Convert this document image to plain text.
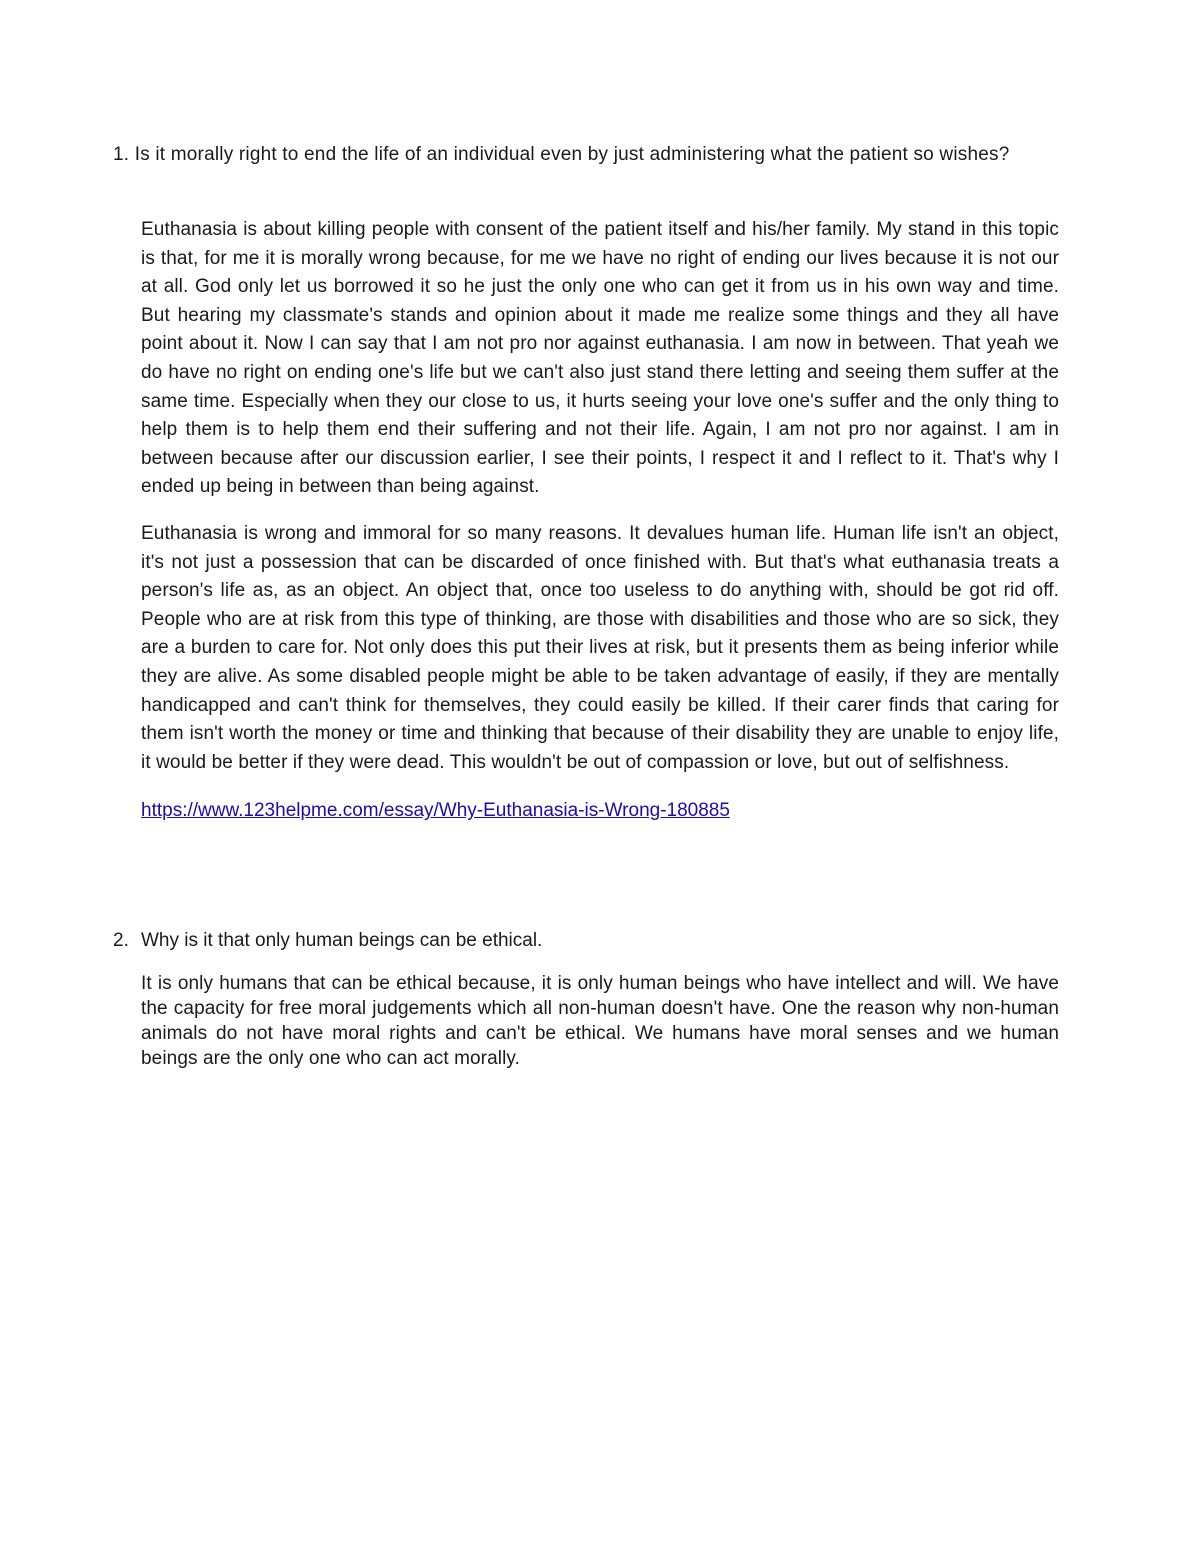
1. Is it morally right to end the life of an individual even by just administering what the patient so wishes?

Euthanasia is about killing people with consent of the patient itself and his/her family. My stand in this topic is that, for me it is morally wrong because, for me we have no right of ending our lives because it is not our at all. God only let us borrowed it so he just the only one who can get it from us in his own way and time. But hearing my classmate's stands and opinion about it made me realize some things and they all have point about it. Now I can say that I am not pro nor against euthanasia. I am now in between. That yeah we do have no right on ending one's life but we can't also just stand there letting and seeing them suffer at the same time. Especially when they our close to us, it hurts seeing your love one's suffer and the only thing to help them is to help them end their suffering and not their life. Again, I am not pro nor against. I am in between because after our discussion earlier, I see their points, I respect it and I reflect to it. That's why I ended up being in between than being against.

Euthanasia is wrong and immoral for so many reasons. It devalues human life. Human life isn't an object, it's not just a possession that can be discarded of once finished with. But that's what euthanasia treats a person's life as, as an object. An object that, once too useless to do anything with, should be got rid off. People who are at risk from this type of thinking, are those with disabilities and those who are so sick, they are a burden to care for. Not only does this put their lives at risk, but it presents them as being inferior while they are alive. As some disabled people might be able to be taken advantage of easily, if they are mentally handicapped and can't think for themselves, they could easily be killed. If their carer finds that caring for them isn't worth the money or time and thinking that because of their disability they are unable to enjoy life, it would be better if they were dead. This wouldn't be out of compassion or love, but out of selfishness.

https://www.123helpme.com/essay/Why-Euthanasia-is-Wrong-180885

2. Why is it that only human beings can be ethical.

It is only humans that can be ethical because, it is only human beings who have intellect and will. We have the capacity for free moral judgements which all non-human doesn't have. One the reason why non-human animals do not have moral rights and can't be ethical. We humans have moral senses and we human beings are the only one who can act morally.
